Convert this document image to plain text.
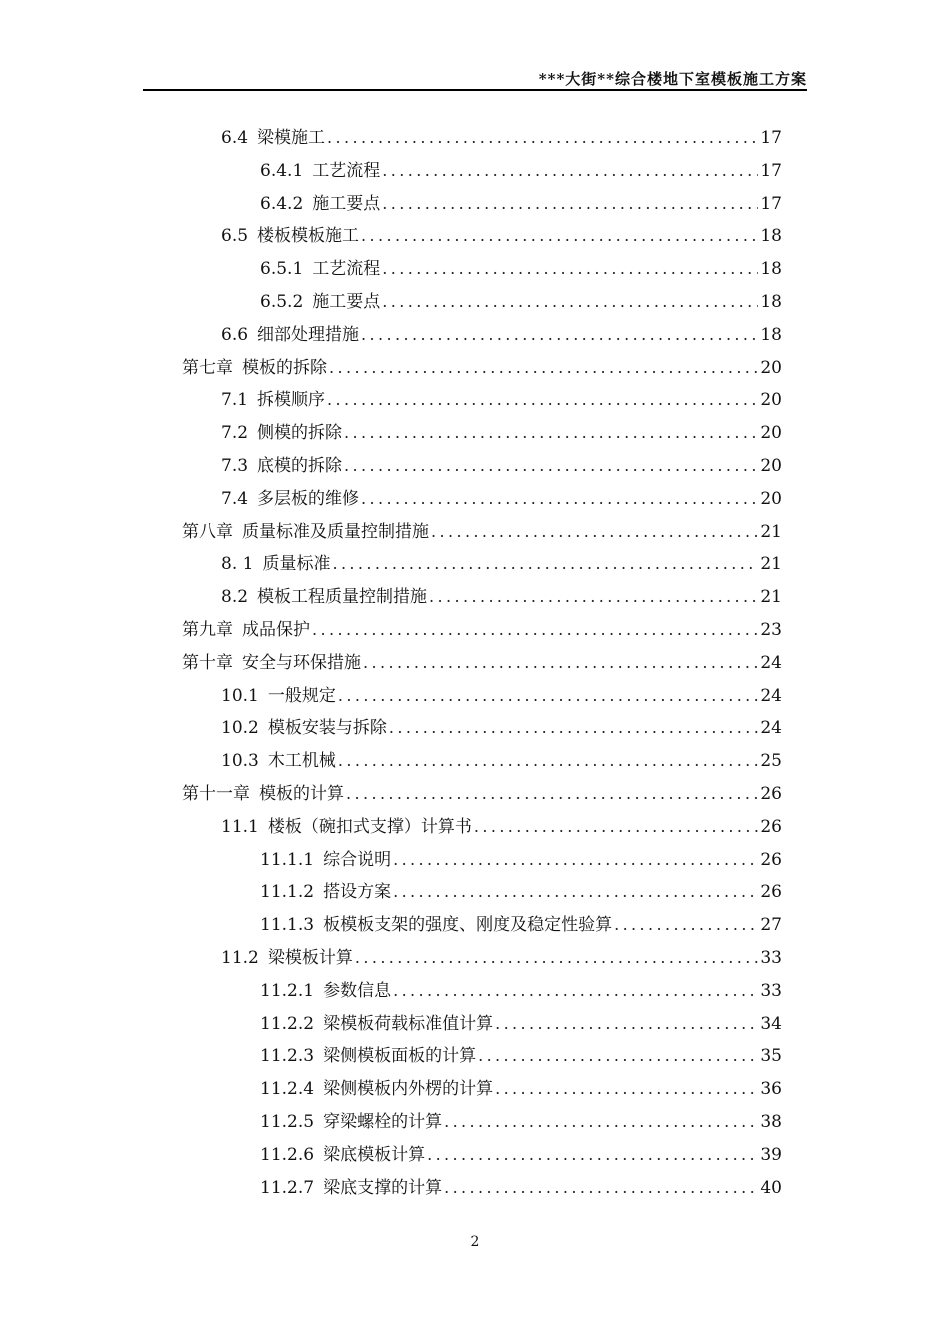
***大街**综合楼地下室模板施工方案
6.4 梁模施工 .....	17
6.4.1 工艺流程 .....	17
6.4.2 施工要点 .....	17
6.5 楼板模板施工 .....	18
6.5.1 工艺流程 .....	18
6.5.2 施工要点 .....	18
6.6 细部处理措施 .....	18
第七章 模板的拆除 .....	20
7.1 拆模顺序 .....	20
7.2 侧模的拆除 .....	20
7.3 底模的拆除 .....	20
7.4 多层板的维修 .....	20
第八章 质量标准及质量控制措施 .....	21
8. 1 质量标准 .....	21
8.2 模板工程质量控制措施 .....	21
第九章 成品保护 .....	23
第十章 安全与环保措施 .....	24
10.1 一般规定 .....	24
10.2 模板安装与拆除 .....	24
10.3 木工机械 .....	25
第十一章 模板的计算 .....	26
11.1 楼板（碗扣式支撑）计算书 .....	26
11.1.1 综合说明 .....	26
11.1.2 搭设方案 .....	26
11.1.3 板模板支架的强度、刚度及稳定性验算 .....	27
11.2 梁模板计算 .....	33
11.2.1 参数信息 .....	33
11.2.2 梁模板荷载标准值计算 .....	34
11.2.3 梁侧模板面板的计算 .....	35
11.2.4 梁侧模板内外楞的计算 .....	36
11.2.5 穿梁螺栓的计算 .....	38
11.2.6 梁底模板计算 .....	39
11.2.7 梁底支撑的计算 .....	40
2
